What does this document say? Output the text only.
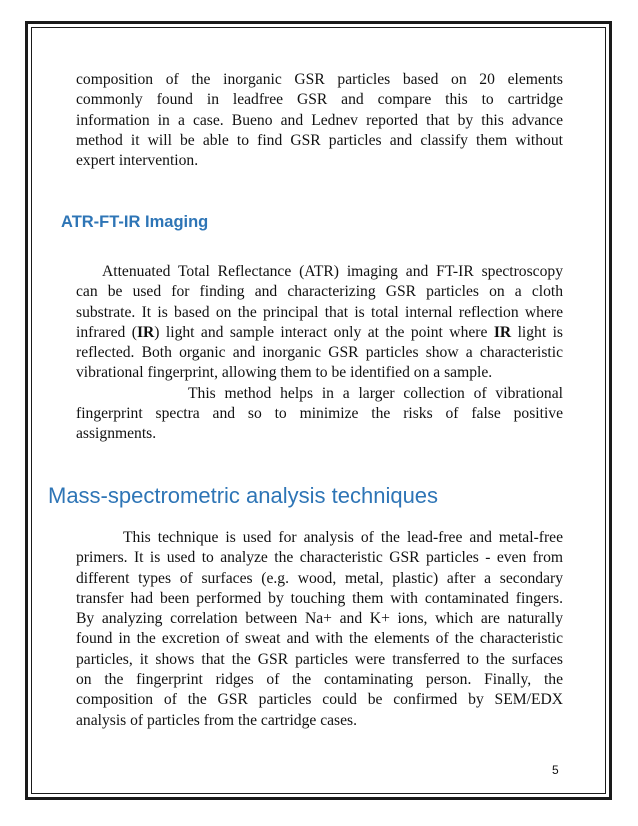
composition of the inorganic GSR particles based on 20 elements
commonly found in leadfree GSR and compare this to cartridge
information in a case. Bueno and Lednev reported that by this advance
method it will be able to find GSR particles and classify them without
expert intervention.
ATR-FT-IR Imaging
Attenuated Total Reflectance (ATR) imaging and FT-IR spectroscopy
can be used for finding and characterizing GSR particles on a cloth
substrate. It is based on the principal that is total internal reflection where
infrared (IR) light and sample interact only at the point where IR light is
reflected. Both organic and inorganic GSR particles show a characteristic
vibrational fingerprint, allowing them to be identified on a sample.
This method helps in a larger collection of vibrational
fingerprint spectra and so to minimize the risks of false positive
assignments.
Mass-spectrometric analysis techniques
This technique is used for analysis of the lead-free and metal-free
primers. It is used to analyze the characteristic GSR particles - even from
different types of surfaces (e.g. wood, metal, plastic) after a secondary
transfer had been performed by touching them with contaminated fingers.
By analyzing correlation between Na+ and K+ ions, which are naturally
found in the excretion of sweat and with the elements of the characteristic
particles, it shows that the GSR particles were transferred to the surfaces
on the fingerprint ridges of the contaminating person. Finally, the
composition of the GSR particles could be confirmed by SEM/EDX
analysis of particles from the cartridge cases.
5
